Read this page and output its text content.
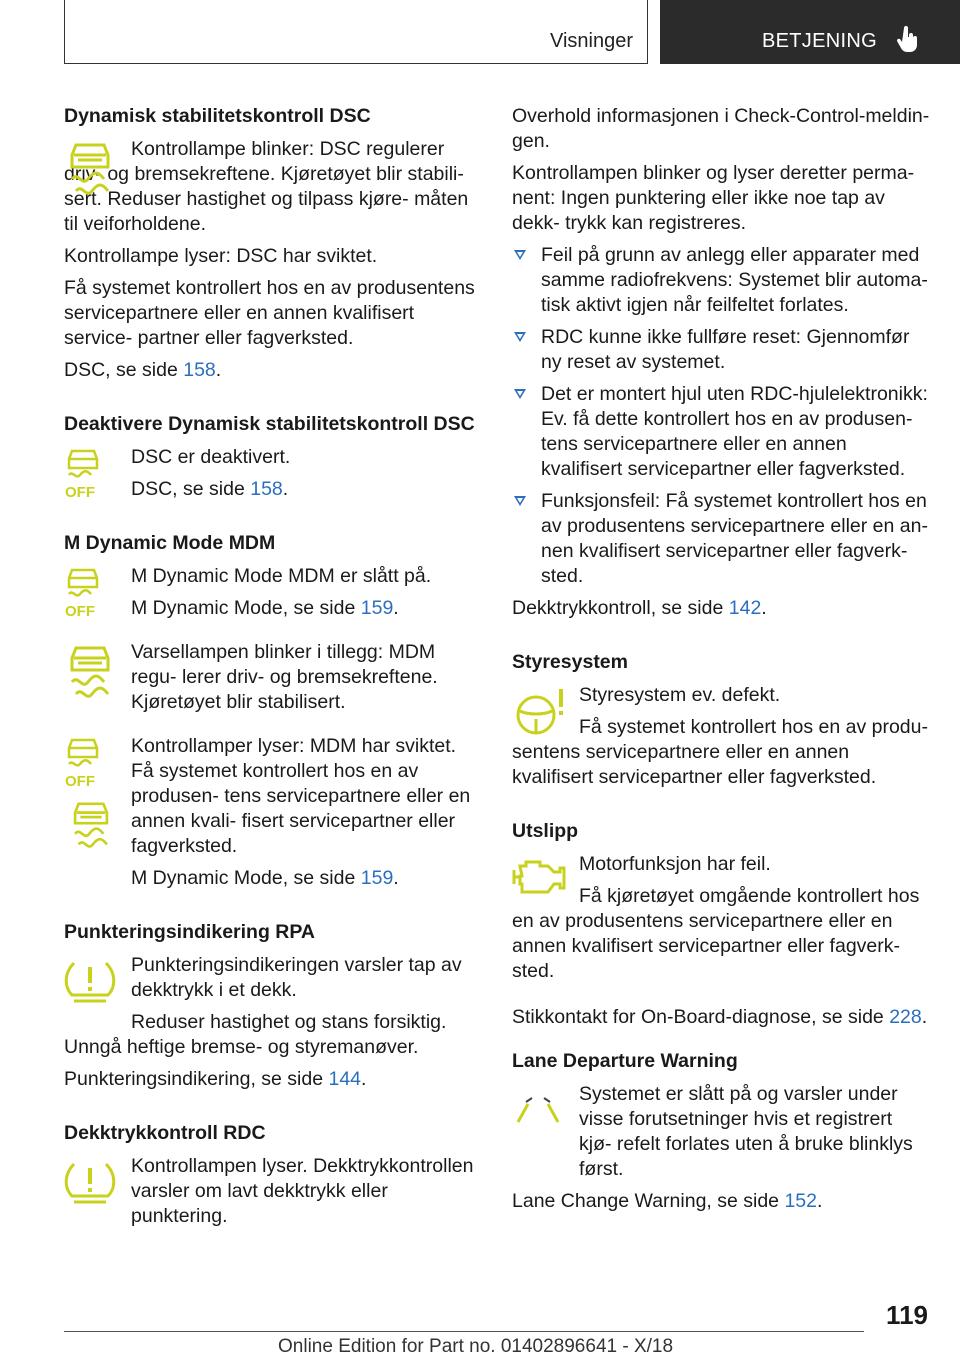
Visninger	BETJENING
Dynamisk stabilitetskontroll DSC

Kontrollampe blinker: DSC regulerer driv- og bremsekreftene. Kjøretøyet blir stabili- sert. Reduser hastighet og tilpass kjøre- måten til veiforholdene.

Kontrollampe lyser: DSC har sviktet.

Få systemet kontrollert hos en av produsentens servicepartnere eller en annen kvalifisert service- partner eller fagverksted.

DSC, se side 158.

Deaktivere Dynamisk stabilitetskontroll DSC
OFF

DSC er deaktivert.

DSC, se side 158.

M Dynamic Mode MDM
OFF

M Dynamic Mode MDM er slått på.

M Dynamic Mode, se side 159.

Varsellampen blinker i tillegg: MDM regu- lerer driv- og bremsekreftene. Kjøretøyet blir stabilisert.

OFF

Kontrollamper lyser: MDM har sviktet. Få systemet kontrollert hos en av produsen- tens servicepartnere eller en annen kvali- fisert servicepartner eller fagverksted.

M Dynamic Mode, se side 159.

Punkteringsindikering RPA

Punkteringsindikeringen varsler tap av dekktrykk i et dekk.

Reduser hastighet og stans forsiktig. Unngå heftige bremse- og styremanøver.

Punkteringsindikering, se side 144.

Dekktrykkontroll RDC

Kontrollampen lyser. Dekktrykkontrollen varsler om lavt dekktrykk eller punktering.

Overhold informasjonen i Check-Control-meldin- gen.

Kontrollampen blinker og lyser deretter perma- nent: Ingen punktering eller ikke noe tap av dekk- trykk kan registreres.

Feil på grunn av anlegg eller apparater med samme radiofrekvens: Systemet blir automa- tisk aktivt igjen når feilfeltet forlates.
RDC kunne ikke fullføre reset: Gjennomfør ny reset av systemet.
Det er montert hjul uten RDC-hjulelektronikk: Ev. få dette kontrollert hos en av produsen- tens servicepartnere eller en annen kvalifisert servicepartner eller fagverksted.
Funksjonsfeil: Få systemet kontrollert hos en av produsentens servicepartnere eller en an- nen kvalifisert servicepartner eller fagverk- sted.

Dekktrykkontroll, se side 142.

Styresystem

Styresystem ev. defekt.

Få systemet kontrollert hos en av produ- sentens servicepartnere eller en annen kvalifisert servicepartner eller fagverksted.

Utslipp

Motorfunksjon har feil.

Få kjøretøyet omgående kontrollert hos en av produsentens servicepartnere eller en annen kvalifisert servicepartner eller fagverk- sted.

Stikkontakt for On-Board-diagnose, se side 228.

Lane Departure Warning

Systemet er slått på og varsler under visse forutsetninger hvis et registrert kjø- refelt forlates uten å bruke blinklys først.

Lane Change Warning, se side 152.

119
Online Edition for Part no. 01402896641 - X/18
